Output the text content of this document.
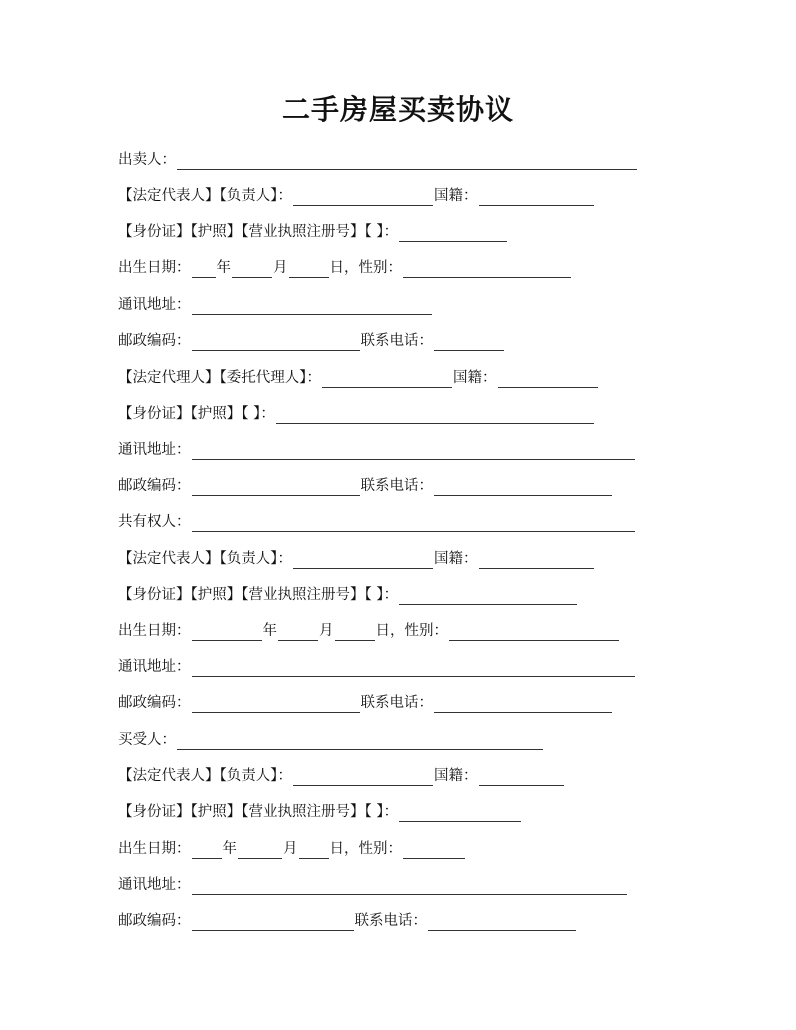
二手房屋买卖协议
出卖人：
【法定代表人】【负责人】：	国籍：
【身份证】【护照】【营业执照注册号】【 】：
出生日期： 年	月	日，性别：
通讯地址：
邮政编码：	联系电话：
【法定代理人】【委托代理人】：	国籍：
【身份证】【护照】【 】：
通讯地址：
邮政编码：	联系电话：
共有权人：
【法定代表人】【负责人】：	国籍：
【身份证】【护照】【营业执照注册号】【 】：
出生日期：	年	月	日，性别：
通讯地址：
邮政编码：	联系电话：
买受人：
【法定代表人】【负责人】：	国籍：
【身份证】【护照】【营业执照注册号】【 】：
出生日期： 年	月 日，性别：
通讯地址：
邮政编码：	联系电话：
